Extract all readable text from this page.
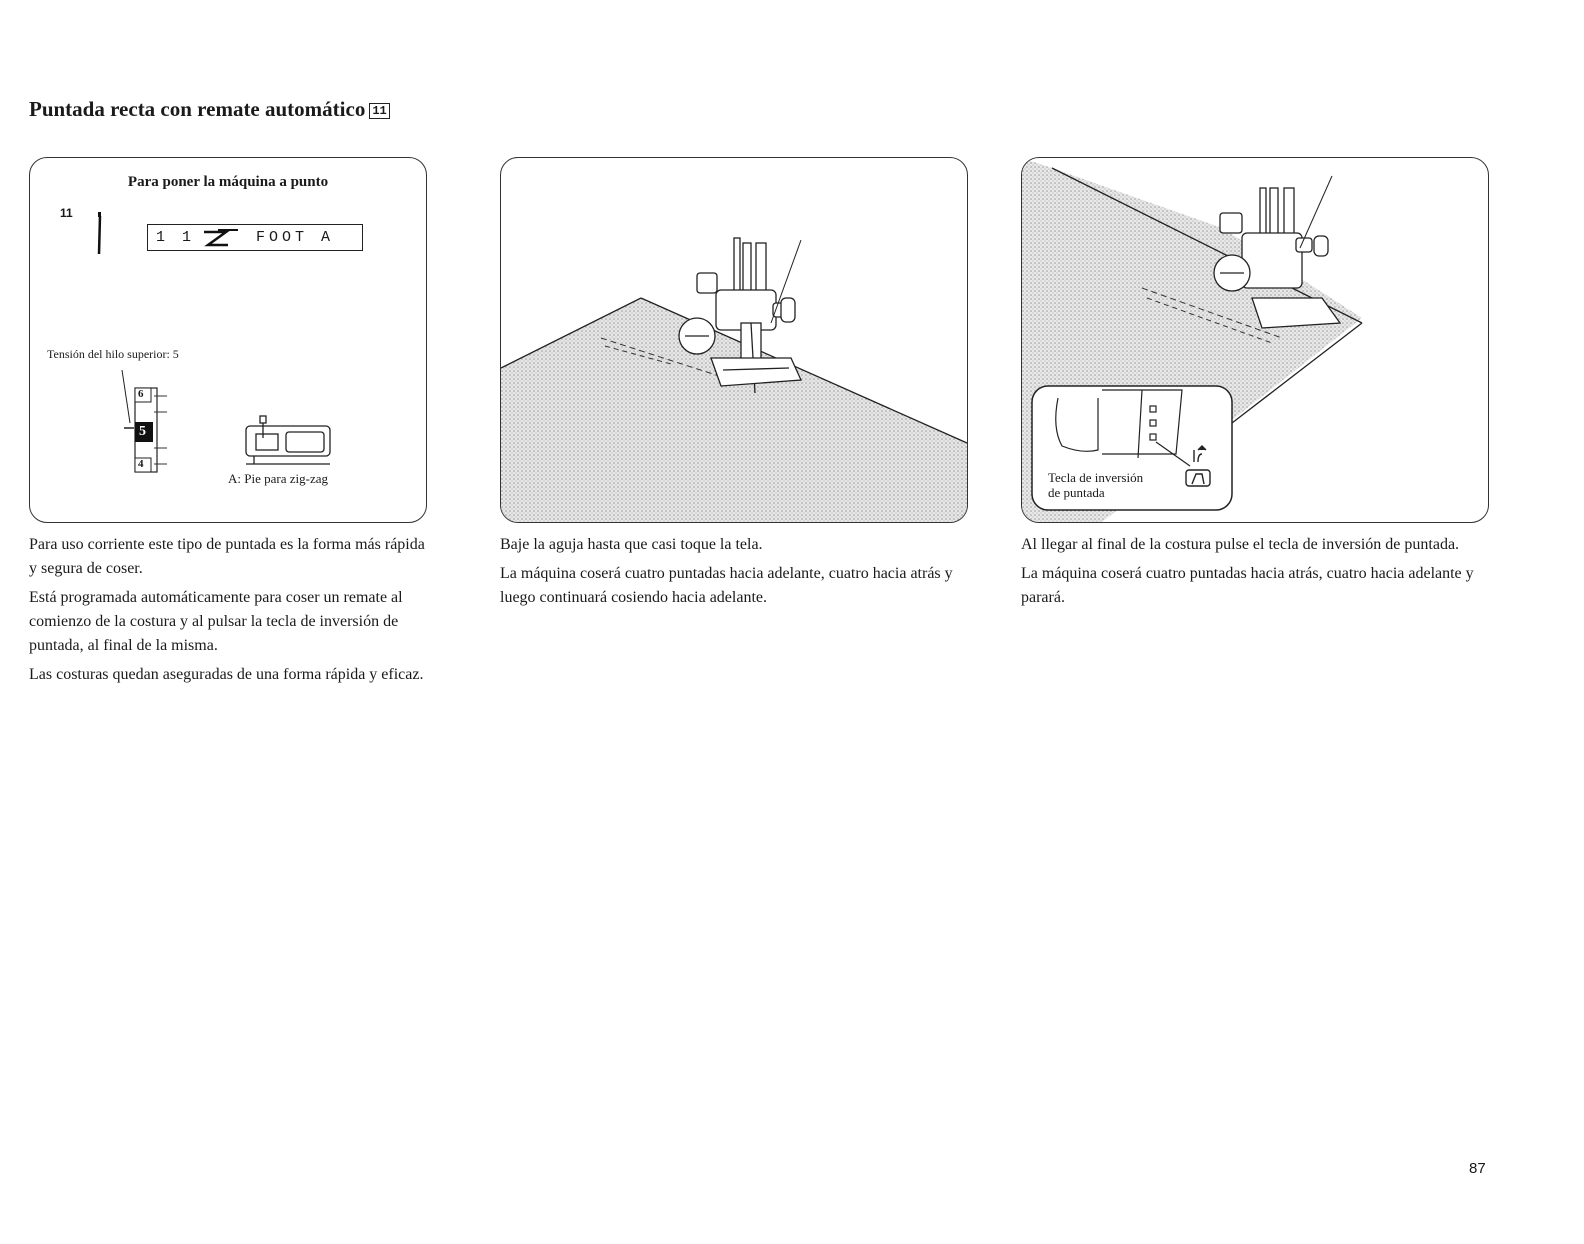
Puntada recta con remate automático 11
Para poner la máquina a punto
11
1 1	FOOT A
Tensión del hilo superior: 5
6
5
4
A: Pie para zig-zag	Tecla de inversión
de puntada

Para uso corriente este tipo de puntada es la forma más rápida y segura de coser.

Está programada automáticamente para coser un remate al comienzo de la costura y al pulsar la tecla de inversión de puntada, al final de la misma.

Las costuras quedan aseguradas de una forma rápida y eficaz.

Baje la aguja hasta que casi toque la tela.

La máquina coserá cuatro puntadas hacia adelante, cuatro hacia atrás y luego continuará cosiendo hacia adelante.

Al llegar al final de la costura pulse el tecla de inversión de puntada.

La máquina coserá cuatro puntadas hacia atrás, cuatro hacia adelante y parará.

87
